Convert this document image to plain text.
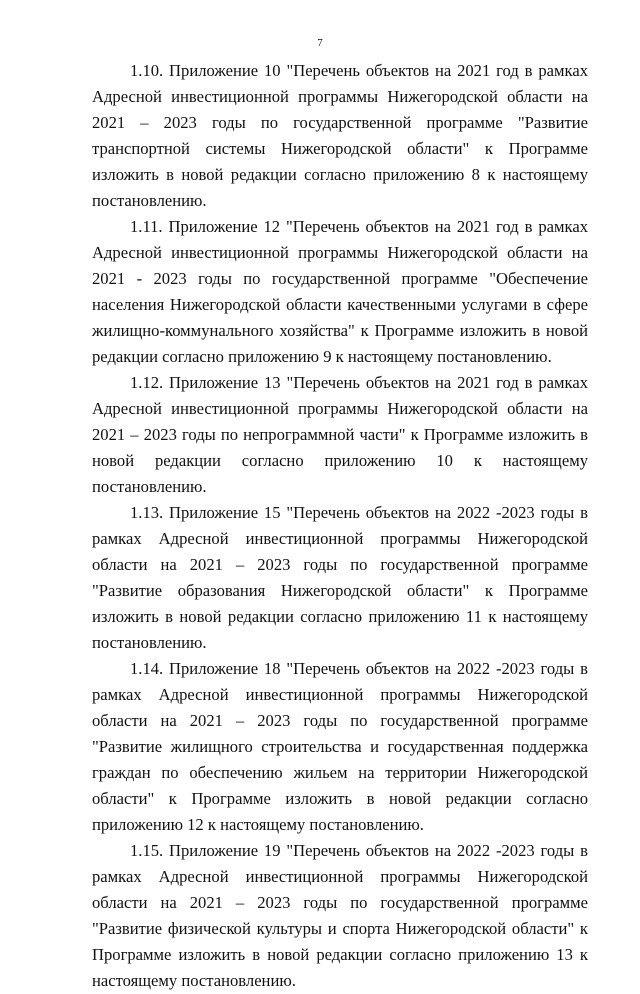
7

1.10. Приложение 10 "Перечень объектов на 2021 год в рамках Адресной инвестиционной программы Нижегородской области на 2021 – 2023 годы по государственной программе "Развитие транспортной системы Нижегородской области" к Программе изложить в новой редакции согласно приложению 8 к настоящему постановлению.

1.11. Приложение 12 "Перечень объектов на 2021 год в рамках Адресной инвестиционной программы Нижегородской области на 2021 - 2023 годы по государственной программе "Обеспечение населения Нижегородской области качественными услугами в сфере жилищно-коммунального хозяйства" к Программе изложить в новой редакции согласно приложению 9 к настоящему постановлению.

1.12. Приложение 13 "Перечень объектов на 2021 год в рамках Адресной инвестиционной программы Нижегородской области на 2021 – 2023 годы по непрограммной части" к Программе изложить в новой редакции согласно приложению 10 к настоящему постановлению.

1.13. Приложение 15 "Перечень объектов на 2022 -2023 годы в рамках Адресной инвестиционной программы Нижегородской области на 2021 – 2023 годы по государственной программе "Развитие образования Нижегородской области" к Программе изложить в новой редакции согласно приложению 11 к настоящему постановлению.

1.14. Приложение 18 "Перечень объектов на 2022 -2023 годы в рамках Адресной инвестиционной программы Нижегородской области на 2021 – 2023 годы по государственной программе "Развитие жилищного строительства и государственная поддержка граждан по обеспечению жильем на территории Нижегородской области" к Программе изложить в новой редакции согласно приложению 12 к настоящему постановлению.

1.15. Приложение 19 "Перечень объектов на 2022 -2023 годы в рамках Адресной инвестиционной программы Нижегородской области на 2021 – 2023 годы по государственной программе "Развитие физической культуры и спорта Нижегородской области" к Программе изложить в новой редакции согласно приложению 13 к настоящему постановлению.
